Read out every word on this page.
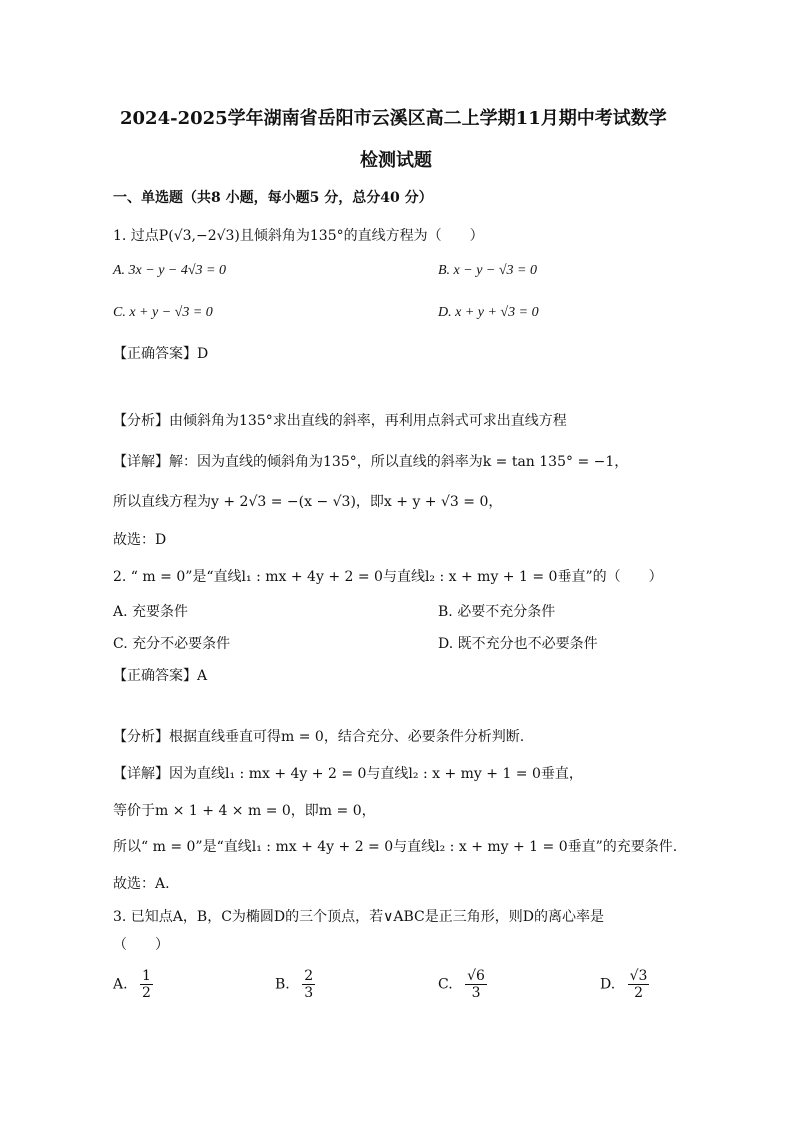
2024-2025学年湖南省岳阳市云溪区高二上学期11月期中考试数学
检测试题
一、单选题（共8 小题，每小题5 分，总分40 分）
1. 过点P(√3,−2√3)且倾斜角为135°的直线方程为（　　）
A. 3x − y − 4√3 = 0	B. x − y − √3 = 0
C. x + y − √3 = 0	D. x + y + √3 = 0
【正确答案】D
【分析】由倾斜角为135°求出直线的斜率，再利用点斜式可求出直线方程
【详解】解：因为直线的倾斜角为135°，所以直线的斜率为k = tan 135° = −1，
所以直线方程为y + 2√3 = −(x − √3)，即x + y + √3 = 0，
故选：D
2. “ m = 0”是“直线l₁ : mx + 4y + 2 = 0与直线l₂ : x + my + 1 = 0垂直”的（　　）
A. 充要条件	B. 必要不充分条件
C. 充分不必要条件	D. 既不充分也不必要条件
【正确答案】A
【分析】根据直线垂直可得m = 0，结合充分、必要条件分析判断.
【详解】因为直线l₁ : mx + 4y + 2 = 0与直线l₂ : x + my + 1 = 0垂直，
等价于m × 1 + 4 × m = 0，即m = 0，
所以“ m = 0”是“直线l₁ : mx + 4y + 2 = 0与直线l₂ : x + my + 1 = 0垂直”的充要条件.
故选：A.
3. 已知点A，B，C为椭圆D的三个顶点，若∨ABC是正三角形，则D的离心率是
（　　）
A. $\frac{1}{2}$	B. $\frac{2}{3}$	C. $\frac{√6}{3}$	D. $\frac{√3}{2}$
